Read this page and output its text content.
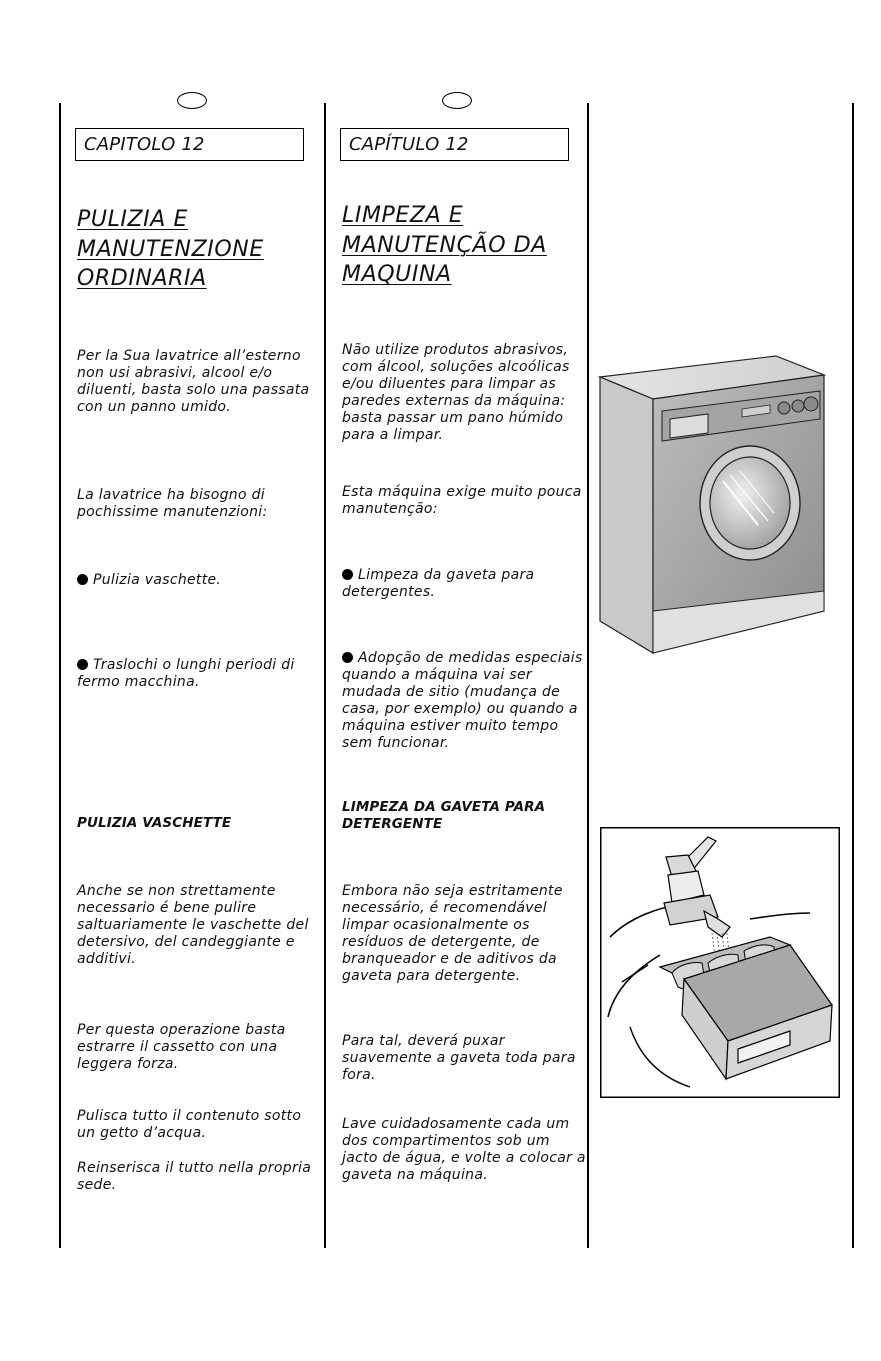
CAPITOLO 12
PULIZIA E
MANUTENZIONE
ORDINARIA

Per la Sua lavatrice all’esterno non usi abrasivi, alcool e/o diluenti, basta solo una passata con un panno umido.

La lavatrice ha bisogno di pochissime manutenzioni:

Pulizia vaschette.

Traslochi o lunghi periodi di fermo macchina.

PULIZIA VASCHETTE

Anche se non strettamente necessario é bene pulire saltuariamente le vaschette del detersivo, del candeggiante e additivi.

Per questa operazione basta estrarre il cassetto con una leggera forza.

Pulisca tutto il contenuto sotto un getto d’acqua.

Reinserisca il tutto nella propria sede.

CAPÍTULO 12
LIMPEZA E
MANUTENÇÃO DA
MAQUINA

Não utilize produtos abrasivos, com álcool, soluções alcoólicas e/ou diluentes para limpar as paredes externas da máquina: basta passar um pano húmido para a limpar.

Esta máquina exige muito pouca manutenção:

Limpeza da gaveta para detergentes.

Adopção de medidas especiais quando a máquina vai ser mudada de sitio (mudança de casa, por exemplo) ou quando a máquina estiver muito tempo sem funcionar.

LIMPEZA DA GAVETA PARA DETERGENTE

Embora não seja estritamente necessário, é recomendável limpar ocasionalmente os resíduos de detergente, de branqueador e de aditivos da gaveta para detergente.

Para tal, deverá puxar suavemente a gaveta toda para fora.

Lave cuidadosamente cada um dos compartimentos sob um jacto de água, e volte a colocar a gaveta na máquina.
